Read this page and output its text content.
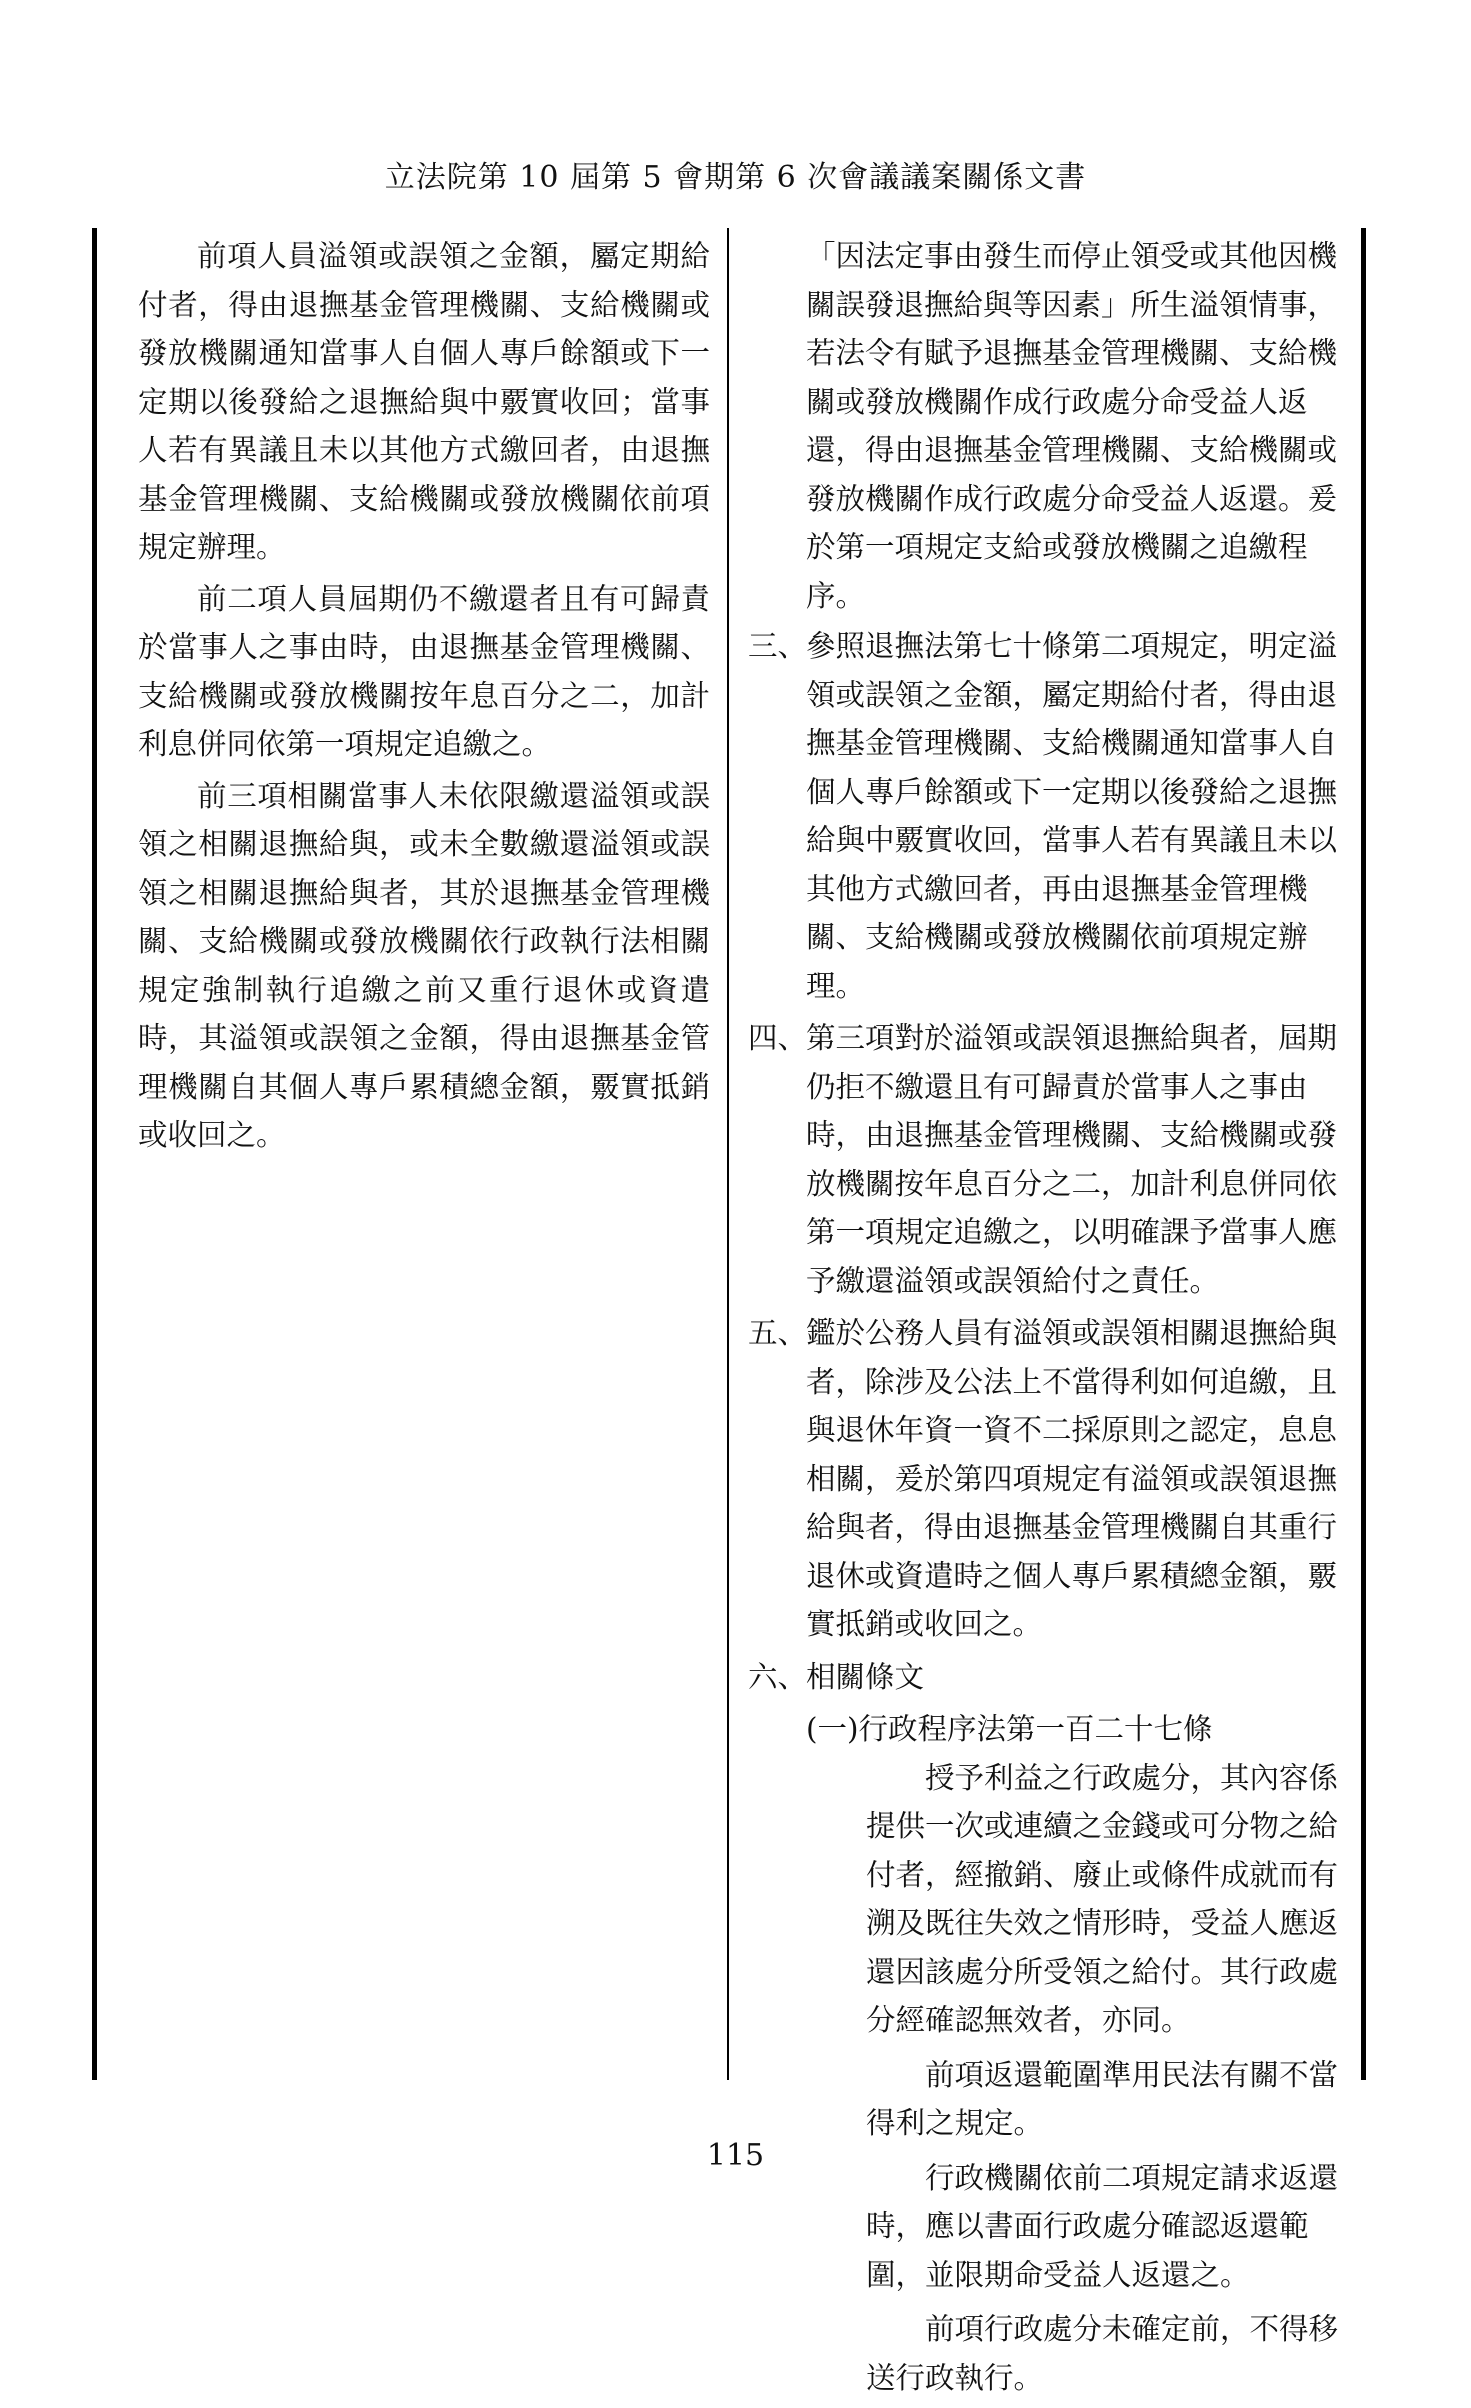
立法院第 10 屆第 5 會期第 6 次會議議案關係文書

前項人員溢領或誤領之金額，屬定期給付者，得由退撫基金管理機關、支給機關或發放機關通知當事人自個人專戶餘額或下一定期以後發給之退撫給與中覈實收回；當事人若有異議且未以其他方式繳回者，由退撫基金管理機關、支給機關或發放機關依前項規定辦理。

前二項人員屆期仍不繳還者且有可歸責於當事人之事由時，由退撫基金管理機關、支給機關或發放機關按年息百分之二，加計利息併同依第一項規定追繳之。

前三項相關當事人未依限繳還溢領或誤領之相關退撫給與，或未全數繳還溢領或誤領之相關退撫給與者，其於退撫基金管理機關、支給機關或發放機關依行政執行法相關規定強制執行追繳之前又重行退休或資遣時，其溢領或誤領之金額，得由退撫基金管理機關自其個人專戶累積總金額，覈實抵銷或收回之。

「因法定事由發生而停止領受或其他因機關誤發退撫給與等因素」所生溢領情事，若法令有賦予退撫基金管理機關、支給機關或發放機關作成行政處分命受益人返還，得由退撫基金管理機關、支給機關或發放機關作成行政處分命受益人返還。爰於第一項規定支給或發放機關之追繳程序。

三、
參照退撫法第七十條第二項規定，明定溢領或誤領之金額，屬定期給付者，得由退撫基金管理機關、支給機關通知當事人自個人專戶餘額或下一定期以後發給之退撫給與中覈實收回，當事人若有異議且未以其他方式繳回者，再由退撫基金管理機關、支給機關或發放機關依前項規定辦理。
四、
第三項對於溢領或誤領退撫給與者，屆期仍拒不繳還且有可歸責於當事人之事由時，由退撫基金管理機關、支給機關或發放機關按年息百分之二，加計利息併同依第一項規定追繳之，以明確課予當事人應予繳還溢領或誤領給付之責任。
五、
鑑於公務人員有溢領或誤領相關退撫給與者，除涉及公法上不當得利如何追繳，且與退休年資一資不二採原則之認定，息息相關，爰於第四項規定有溢領或誤領退撫給與者，得由退撫基金管理機關自其重行退休或資遣時之個人專戶累積總金額，覈實抵銷或收回之。
六、
相關條文
(一)行政程序法第一百二十七條

授予利益之行政處分，其內容係提供一次或連續之金錢或可分物之給付者，經撤銷、廢止或條件成就而有溯及既往失效之情形時，受益人應返還因該處分所受領之給付。其行政處分經確認無效者，亦同。

前項返還範圍準用民法有關不當得利之規定。

行政機關依前二項規定請求返還時，應以書面行政處分確認返還範圍，並限期命受益人返還之。

前項行政處分未確定前，不得移送行政執行。

115
